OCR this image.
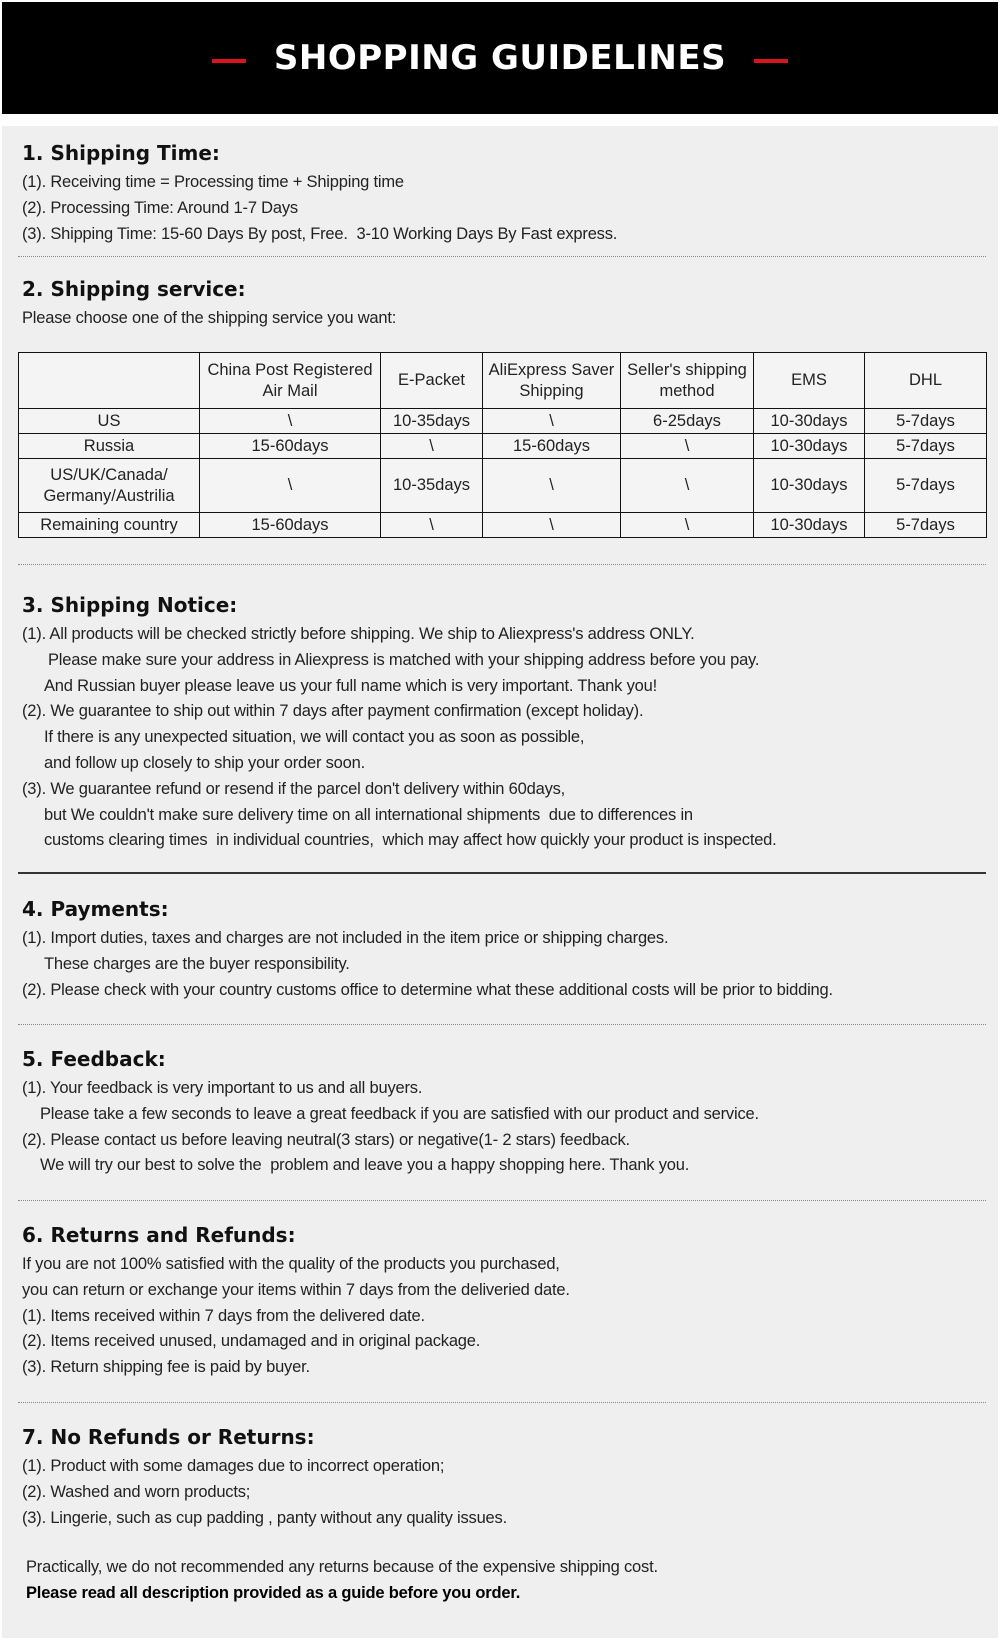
SHOPPING GUIDELINES
1. Shipping Time:
(1). Receiving time = Processing time + Shipping time
(2). Processing Time: Around 1-7 Days
(3). Shipping Time: 15-60 Days By post, Free.  3-10 Working Days By Fast express.
2. Shipping service:
Please choose one of the shipping service you want:
	China Post Registered Air Mail	E-Packet	AliExpress Saver Shipping	Seller's shipping method	EMS	DHL
US	\	10-35days	\	6-25days	10-30days	5-7days
Russia	15-60days	\	15-60days	\	10-30days	5-7days
US/UK/Canada/ Germany/Austrilia	\	10-35days	\	\	10-30days	5-7days
Remaining country	15-60days	\	\	\	10-30days	5-7days
3. Shipping Notice:
(1). All products will be checked strictly before shipping. We ship to Aliexpress's address ONLY.
Please make sure your address in Aliexpress is matched with your shipping address before you pay.
And Russian buyer please leave us your full name which is very important. Thank you!
(2). We guarantee to ship out within 7 days after payment confirmation (except holiday).
If there is any unexpected situation, we will contact you as soon as possible,
and follow up closely to ship your order soon.
(3). We guarantee refund or resend if the parcel don't delivery within 60days,
but We couldn't make sure delivery time on all international shipments  due to differences in
customs clearing times  in individual countries,  which may affect how quickly your product is inspected.
4. Payments:
(1). Import duties, taxes and charges are not included in the item price or shipping charges.
These charges are the buyer responsibility.
(2). Please check with your country customs office to determine what these additional costs will be prior to bidding.
5. Feedback:
(1). Your feedback is very important to us and all buyers.
Please take a few seconds to leave a great feedback if you are satisfied with our product and service.
(2). Please contact us before leaving neutral(3 stars) or negative(1- 2 stars) feedback.
We will try our best to solve the  problem and leave you a happy shopping here. Thank you.
6. Returns and Refunds:
If you are not 100% satisfied with the quality of the products you purchased,
you can return or exchange your items within 7 days from the deliveried date.
(1). Items received within 7 days from the delivered date.
(2). Items received unused, undamaged and in original package.
(3). Return shipping fee is paid by buyer.
7. No Refunds or Returns:
(1). Product with some damages due to incorrect operation;
(2). Washed and worn products;
(3). Lingerie, such as cup padding , panty without any quality issues.
Practically, we do not recommended any returns because of the expensive shipping cost.
Please read all description provided as a guide before you order.
